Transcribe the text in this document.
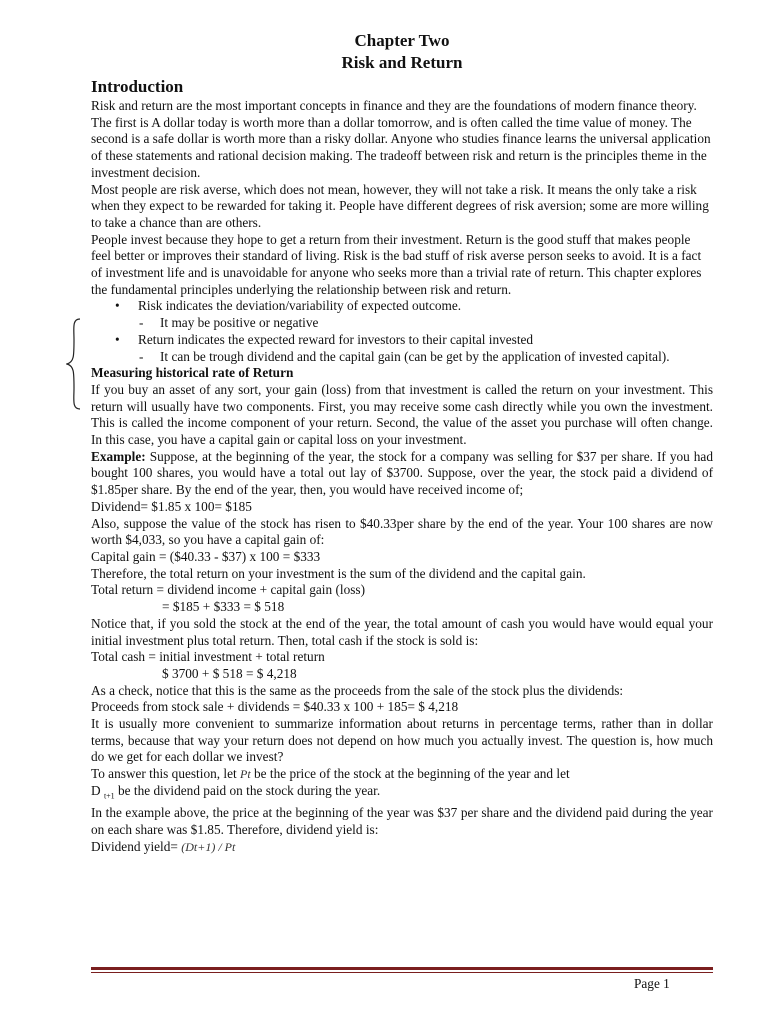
Chapter Two

Risk and Return

Introduction

Risk and return are the most important concepts in finance and they are the foundations of modern finance theory. The first is A dollar today is worth more than a dollar tomorrow, and is often called the time value of money. The second is a safe dollar is worth more than a risky dollar. Anyone who studies finance learns the universal application of these statements and rational decision making. The tradeoff between risk and return is the principles theme in the investment decision.

Most people are risk averse, which does not mean, however, they will not take a risk. It means the only take a risk when they expect to be rewarded for taking it. People have different degrees of risk aversion; some are more willing to take a chance than are others.

People invest because they hope to get a return from their investment. Return is the good stuff that makes people feel better or improves their standard of living. Risk is the bad stuff of risk averse person seeks to avoid. It is a fact of investment life and is unavoidable for anyone who seeks more than a trivial rate of return. This chapter explores the fundamental principles underlying the relationship between risk and return.

• Risk indicates the deviation/variability of expected outcome.
- It may be positive or negative
• Return indicates the expected reward for investors to their capital invested
- It can be trough dividend and the capital gain (can be get by the application of invested capital).

Measuring historical rate of Return

If you buy an asset of any sort, your gain (loss) from that investment is called the return on your investment. This return will usually have two components. First, you may receive some cash directly while you own the investment. This is called the income component of your return. Second, the value of the asset you purchase will often change. In this case, you have a capital gain or capital loss on your investment.

Example: Suppose, at the beginning of the year, the stock for a company was selling for $37 per share. If you had bought 100 shares, you would have a total out lay of $3700. Suppose, over the year, the stock paid a dividend of $1.85per share. By the end of the year, then, you would have received income of;

Dividend= $1.85 x 100= $185

Also, suppose the value of the stock has risen to $40.33per share by the end of the year. Your 100 shares are now worth $4,033, so you have a capital gain of:

Capital gain = ($40.33 - $37) x 100 = $333

Therefore, the total return on your investment is the sum of the dividend and the capital gain.

Total return = dividend income + capital gain (loss)

= $185 + $333 = $ 518

Notice that, if you sold the stock at the end of the year, the total amount of cash you would have would equal your initial investment plus total return. Then, total cash if the stock is sold is:

Total cash = initial investment + total return

$ 3700 + $ 518 = $ 4,218

As a check, notice that this is the same as the proceeds from the sale of the stock plus the dividends:

Proceeds from stock sale + dividends = $40.33 x 100 + 185= $ 4,218

It is usually more convenient to summarize information about returns in percentage terms, rather than in dollar terms, because that way your return does not depend on how much you actually invest. The question is, how much do we get for each dollar we invest?

To answer this question, let Pt be the price of the stock at the beginning of the year and let

D $_{t+1}$ be the dividend paid on the stock during the year.

In the example above, the price at the beginning of the year was $37 per share and the dividend paid during the year on each share was $1.85. Therefore, dividend yield is:

Dividend yield= (Dt+1) / Pt

Page 1
